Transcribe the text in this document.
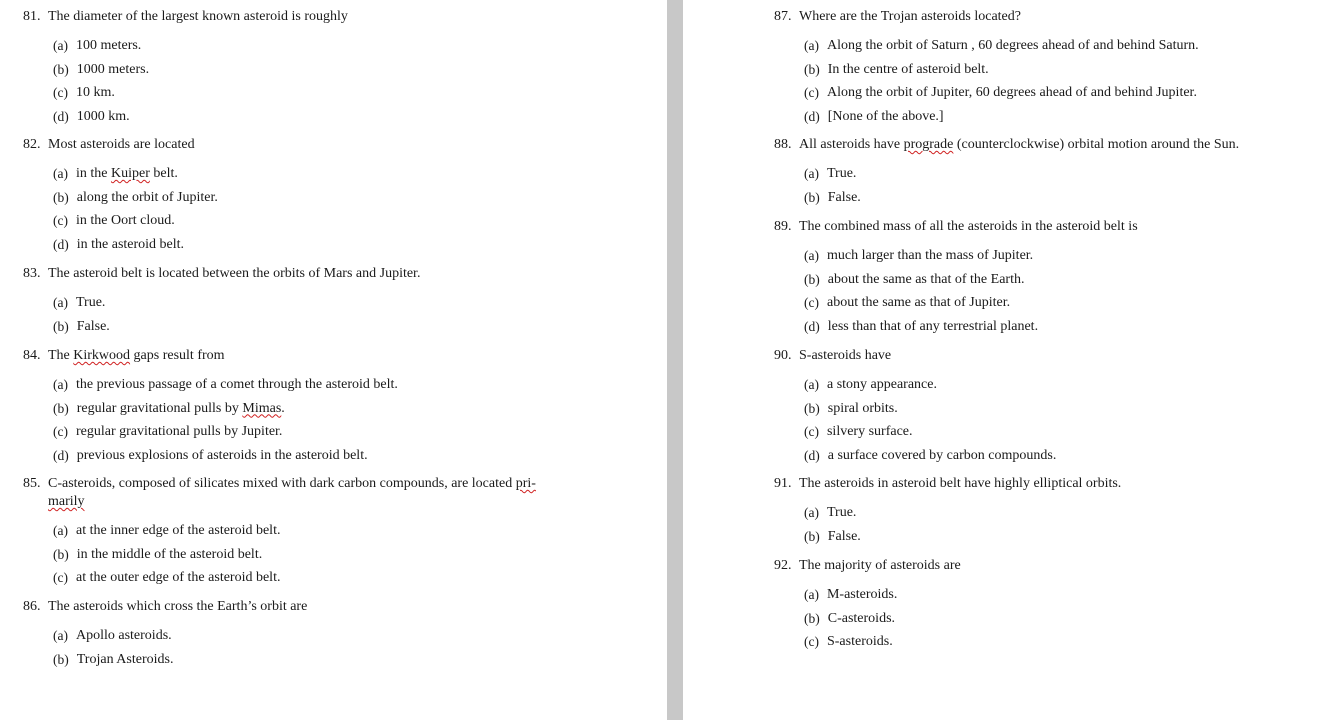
81. The diameter of the largest known asteroid is roughly
(a) 100 meters.
(b) 1000 meters.
(c) 10 km.
(d) 1000 km.
82. Most asteroids are located
(a) in the Kuiper belt.
(b) along the orbit of Jupiter.
(c) in the Oort cloud.
(d) in the asteroid belt.
83. The asteroid belt is located between the orbits of Mars and Jupiter.
(a) True.
(b) False.
84. The Kirkwood gaps result from
(a) the previous passage of a comet through the asteroid belt.
(b) regular gravitational pulls by Mimas.
(c) regular gravitational pulls by Jupiter.
(d) previous explosions of asteroids in the asteroid belt.
85. C-asteroids, composed of silicates mixed with dark carbon compounds, are located pri-
marily
(a) at the inner edge of the asteroid belt.
(b) in the middle of the asteroid belt.
(c) at the outer edge of the asteroid belt.
86. The asteroids which cross the Earth’s orbit are
(a) Apollo asteroids.
(b) Trojan Asteroids.
87. Where are the Trojan asteroids located?
(a) Along the orbit of Saturn , 60 degrees ahead of and behind Saturn.
(b) In the centre of asteroid belt.
(c) Along the orbit of Jupiter, 60 degrees ahead of and behind Jupiter.
(d) [None of the above.]
88. All asteroids have prograde (counterclockwise) orbital motion around the Sun.
(a) True.
(b) False.
89. The combined mass of all the asteroids in the asteroid belt is
(a) much larger than the mass of Jupiter.
(b) about the same as that of the Earth.
(c) about the same as that of Jupiter.
(d) less than that of any terrestrial planet.
90. S-asteroids have
(a) a stony appearance.
(b) spiral orbits.
(c) silvery surface.
(d) a surface covered by carbon compounds.
91. The asteroids in asteroid belt have highly elliptical orbits.
(a) True.
(b) False.
92. The majority of asteroids are
(a) M-asteroids.
(b) C-asteroids.
(c) S-asteroids.
